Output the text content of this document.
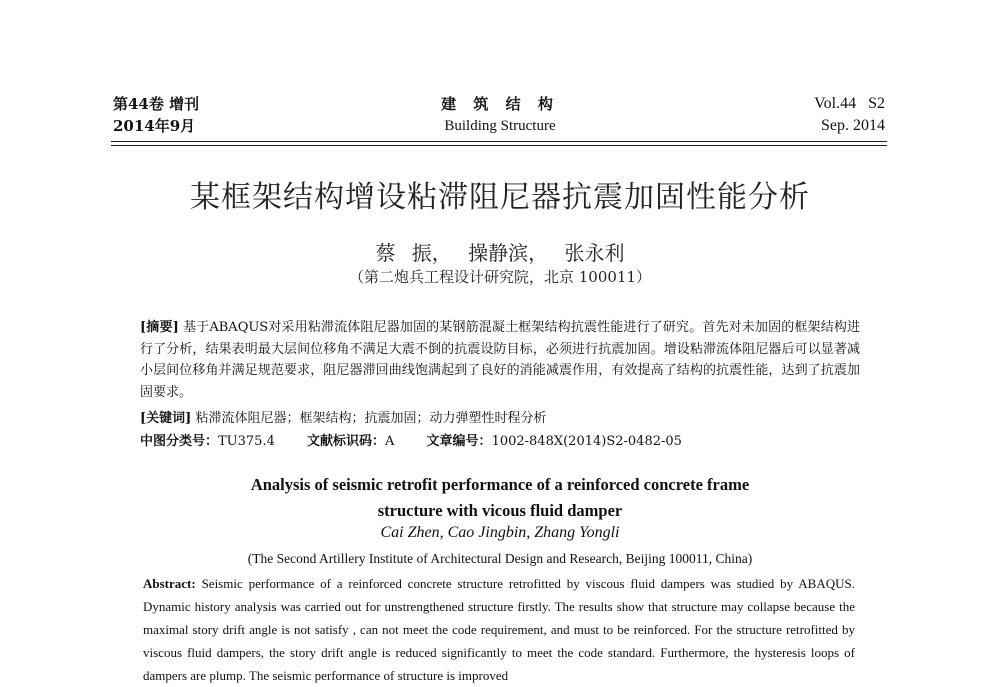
第44卷 增刊
2014年9月
建 筑 结 构
Building Structure
Vol.44 S2
Sep. 2014
某框架结构增设粘滞阻尼器抗震加固性能分析
蔡 振， 操静滨， 张永利
（第二炮兵工程设计研究院，北京 100011）
[摘要] 基于ABAQUS对采用粘滞流体阻尼器加固的某钢筋混凝土框架结构抗震性能进行了研究。首先对未加固的框架结构进行了分析，结果表明最大层间位移角不满足大震不倒的抗震设防目标，必须进行抗震加固。增设粘滞流体阻尼器后可以显著减小层间位移角并满足规范要求，阻尼器滞回曲线饱满起到了良好的消能减震作用，有效提高了结构的抗震性能，达到了抗震加固要求。
[关键词] 粘滞流体阻尼器；框架结构；抗震加固；动力弹塑性时程分析
中图分类号：TU375.4 文献标识码：A 文章编号：1002-848X(2014)S2-0482-05
Analysis of seismic retrofit performance of a reinforced concrete frame
structure with vicous fluid damper
Cai Zhen, Cao Jingbin, Zhang Yongli
(The Second Artillery Institute of Architectural Design and Research, Beijing 100011, China)
Abstract: Seismic performance of a reinforced concrete structure retrofitted by viscous fluid dampers was studied by ABAQUS. Dynamic history analysis was carried out for unstrengthened structure firstly. The results show that structure may collapse because the maximal story drift angle is not satisfy , can not meet the code requirement, and must to be reinforced. For the structure retrofitted by viscous fluid dampers, the story drift angle is reduced significantly to meet the code standard. Furthermore, the hysteresis loops of dampers are plump. The seismic performance of structure is improved
